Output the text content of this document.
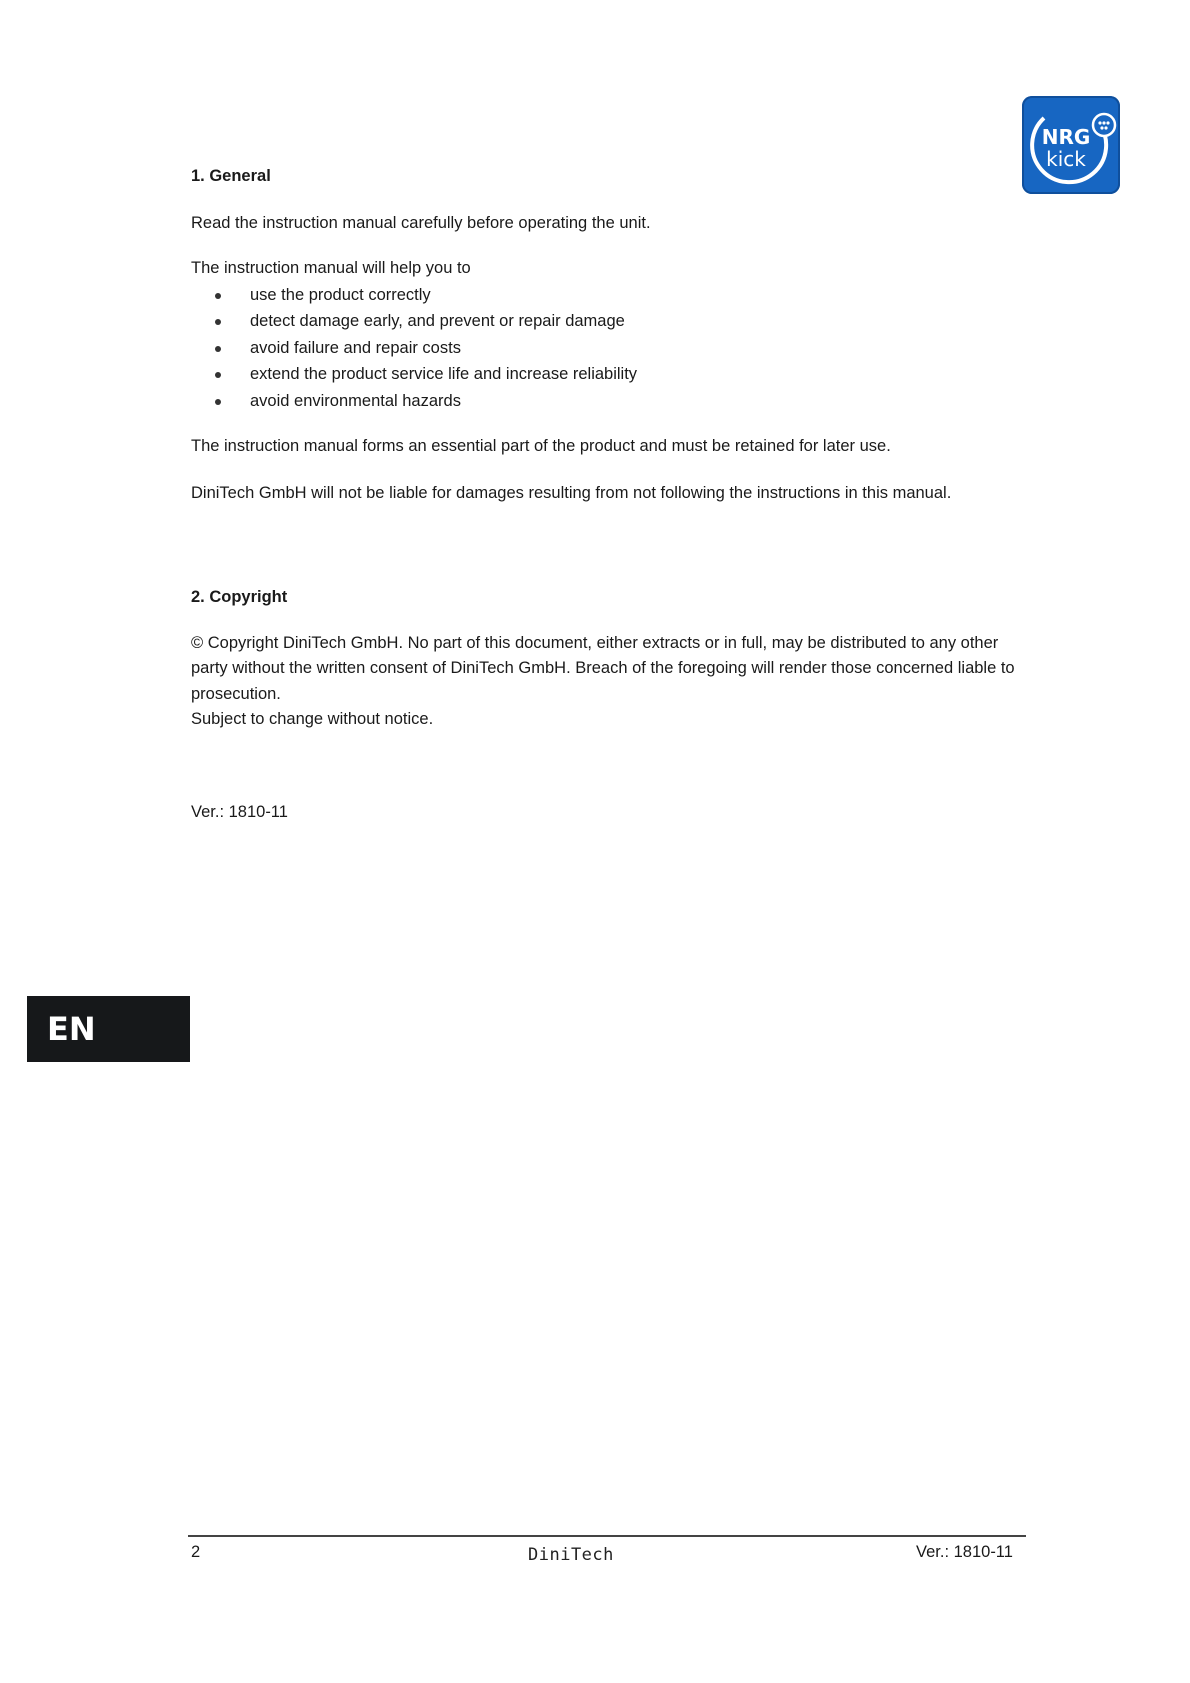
NRG
kick
1. General

Read the instruction manual carefully before operating the unit.

The instruction manual will help you to

use the product correctly
detect damage early, and prevent or repair damage
avoid failure and repair costs
extend the product service life and increase reliability
avoid environmental hazards

The instruction manual forms an essential part of the product and must be retained for later use.

DiniTech GmbH will not be liable for damages resulting from not following the instructions in this manual.

2. Copyright

© Copyright DiniTech GmbH. No part of this document, either extracts or in full, may be distributed to any other party without the written consent of DiniTech GmbH. Breach of the foregoing will render those concerned liable to prosecution.

Subject to change without notice.

Ver.: 1810-11

EN
2	DiniTech	Ver.: 1810-11
